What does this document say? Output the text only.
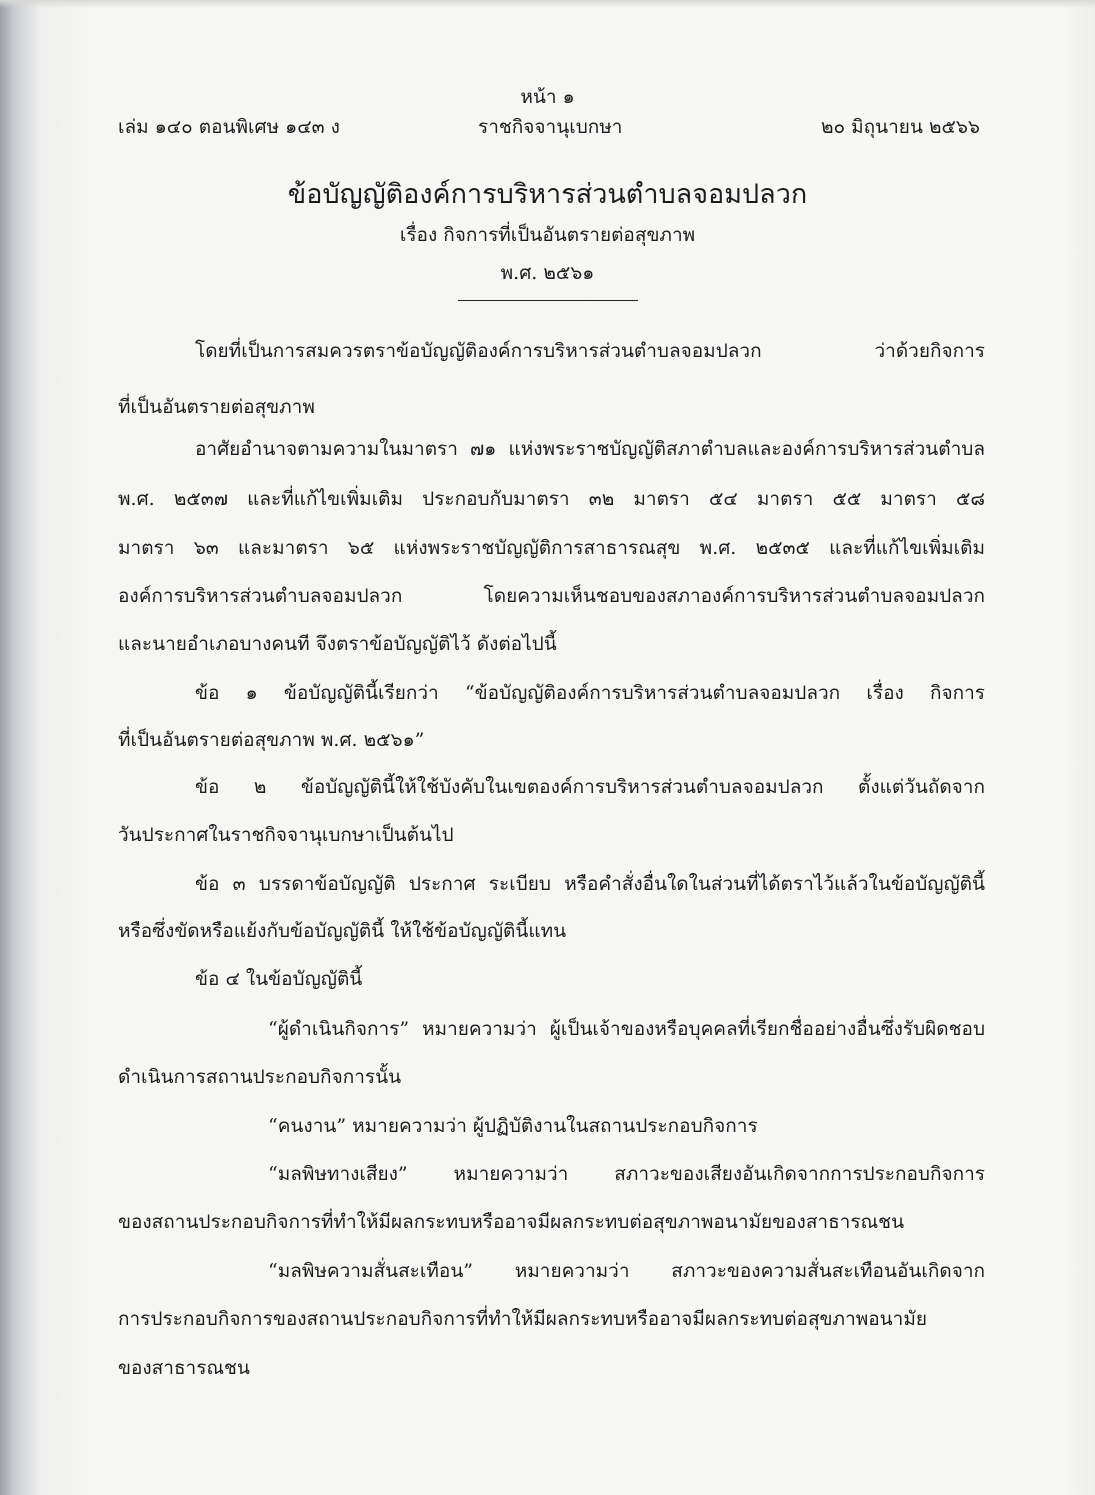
หน้า ๑
เล่ม ๑๔๐ ตอนพิเศษ ๑๔๓ ง	ราชกิจจานุเบกษา	๒๐ มิถุนายน ๒๕๖๖
ข้อบัญญัติองค์การบริหารส่วนตำบลจอมปลวก
เรื่อง กิจการที่เป็นอันตรายต่อสุขภาพ
พ.ศ. ๒๕๖๑
โดยที่เป็นการสมควรตราข้อบัญญัติองค์การบริหารส่วนตำบลจอมปลวก ว่าด้วยกิจการ
ที่เป็นอันตรายต่อสุขภาพ
อาศัยอำนาจตามความในมาตรา ๗๑ แห่งพระราชบัญญัติสภาตำบลและองค์การบริหารส่วนตำบล
พ.ศ. ๒๕๓๗ และที่แก้ไขเพิ่มเติม ประกอบกับมาตรา ๓๒ มาตรา ๕๔ มาตรา ๕๕ มาตรา ๕๘
มาตรา ๖๓ และมาตรา ๖๕ แห่งพระราชบัญญัติการสาธารณสุข พ.ศ. ๒๕๓๕ และที่แก้ไขเพิ่มเติม
องค์การบริหารส่วนตำบลจอมปลวก โดยความเห็นชอบของสภาองค์การบริหารส่วนตำบลจอมปลวก
และนายอำเภอบางคนที จึงตราข้อบัญญัติไว้ ดังต่อไปนี้
ข้อ ๑ ข้อบัญญัตินี้เรียกว่า “ข้อบัญญัติองค์การบริหารส่วนตำบลจอมปลวก เรื่อง กิจการ
ที่เป็นอันตรายต่อสุขภาพ พ.ศ. ๒๕๖๑”
ข้อ ๒ ข้อบัญญัตินี้ให้ใช้บังคับในเขตองค์การบริหารส่วนตำบลจอมปลวก ตั้งแต่วันถัดจาก
วันประกาศในราชกิจจานุเบกษาเป็นต้นไป
ข้อ ๓ บรรดาข้อบัญญัติ ประกาศ ระเบียบ หรือคำสั่งอื่นใดในส่วนที่ได้ตราไว้แล้วในข้อบัญญัตินี้
หรือซึ่งขัดหรือแย้งกับข้อบัญญัตินี้ ให้ใช้ข้อบัญญัตินี้แทน
ข้อ ๔ ในข้อบัญญัตินี้
“ผู้ดำเนินกิจการ” หมายความว่า ผู้เป็นเจ้าของหรือบุคคลที่เรียกชื่ออย่างอื่นซึ่งรับผิดชอบ
ดำเนินการสถานประกอบกิจการนั้น
“คนงาน” หมายความว่า ผู้ปฏิบัติงานในสถานประกอบกิจการ
“มลพิษทางเสียง” หมายความว่า สภาวะของเสียงอันเกิดจากการประกอบกิจการ
ของสถานประกอบกิจการที่ทำให้มีผลกระทบหรืออาจมีผลกระทบต่อสุขภาพอนามัยของสาธารณชน
“มลพิษความสั่นสะเทือน” หมายความว่า สภาวะของความสั่นสะเทือนอันเกิดจาก
การประกอบกิจการของสถานประกอบกิจการที่ทำให้มีผลกระทบหรืออาจมีผลกระทบต่อสุขภาพอนามัย
ของสาธารณชน
